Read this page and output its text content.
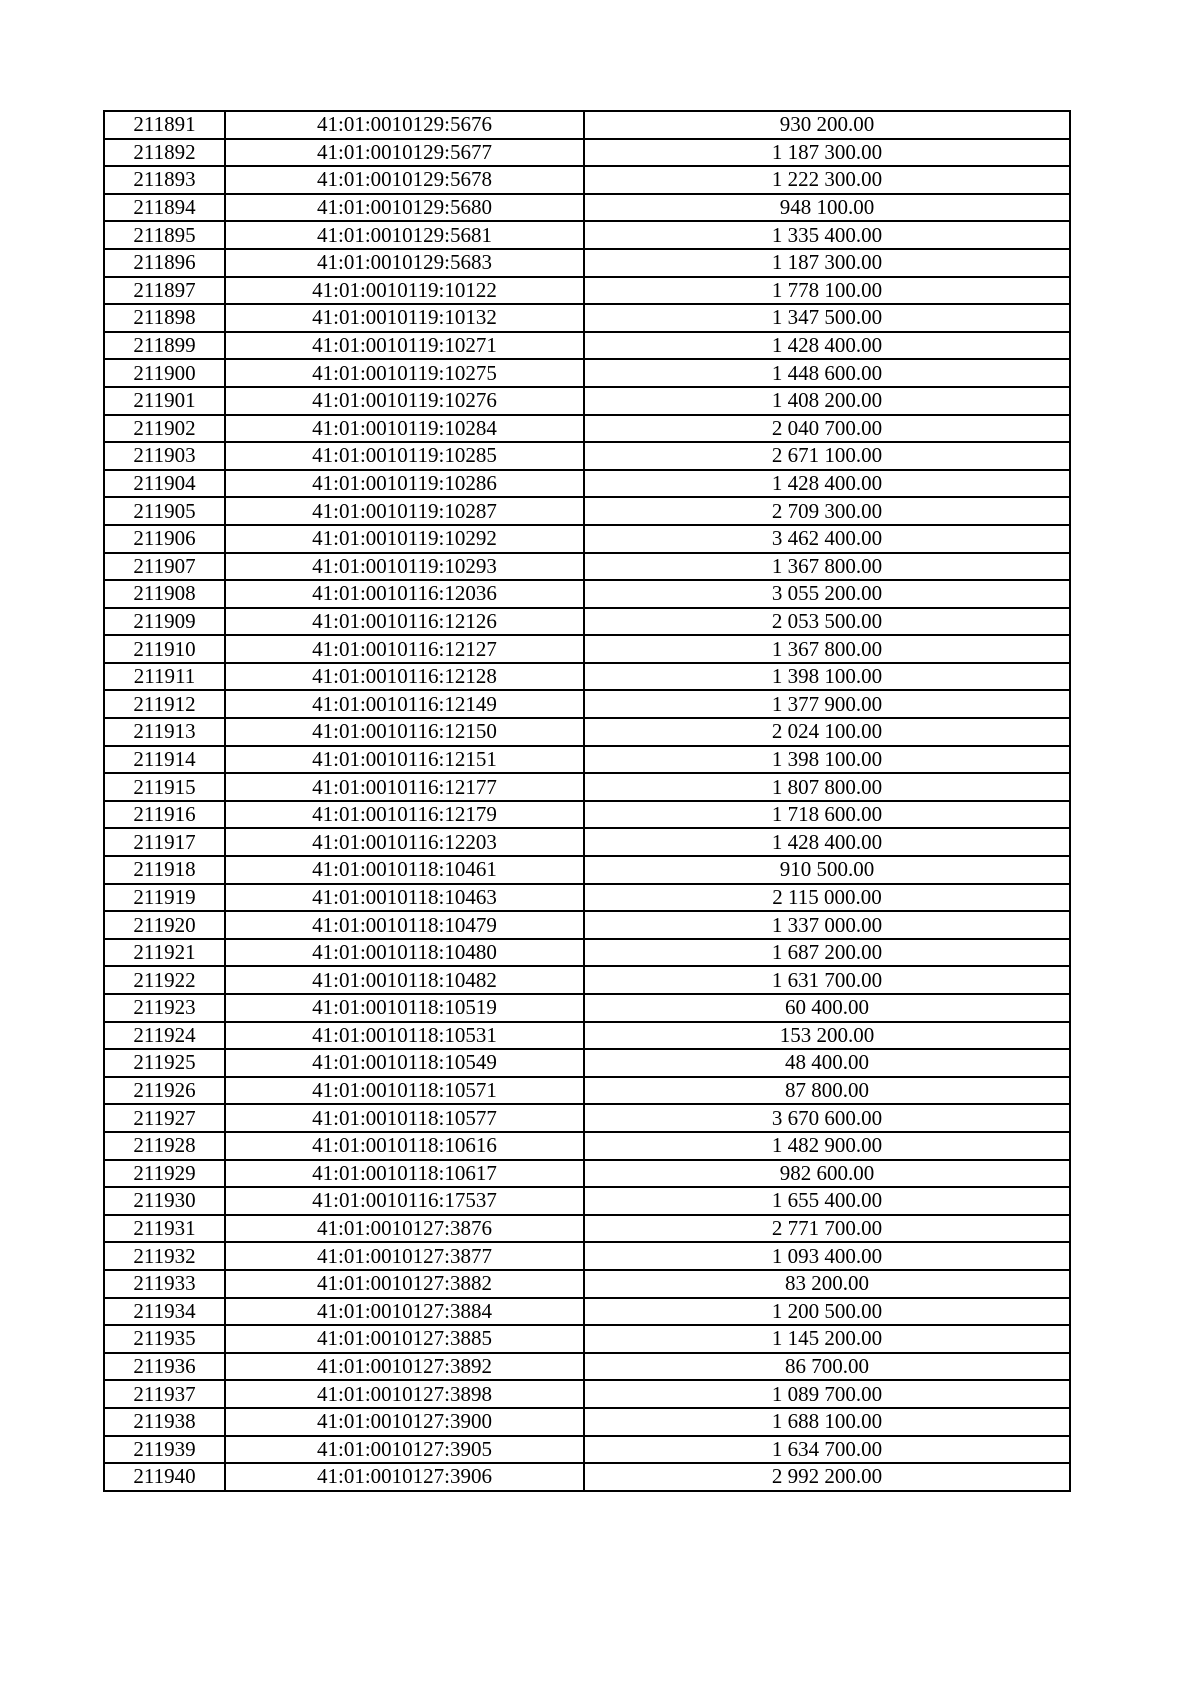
211891	41:01:0010129:5676	930 200.00
211892	41:01:0010129:5677	1 187 300.00
211893	41:01:0010129:5678	1 222 300.00
211894	41:01:0010129:5680	948 100.00
211895	41:01:0010129:5681	1 335 400.00
211896	41:01:0010129:5683	1 187 300.00
211897	41:01:0010119:10122	1 778 100.00
211898	41:01:0010119:10132	1 347 500.00
211899	41:01:0010119:10271	1 428 400.00
211900	41:01:0010119:10275	1 448 600.00
211901	41:01:0010119:10276	1 408 200.00
211902	41:01:0010119:10284	2 040 700.00
211903	41:01:0010119:10285	2 671 100.00
211904	41:01:0010119:10286	1 428 400.00
211905	41:01:0010119:10287	2 709 300.00
211906	41:01:0010119:10292	3 462 400.00
211907	41:01:0010119:10293	1 367 800.00
211908	41:01:0010116:12036	3 055 200.00
211909	41:01:0010116:12126	2 053 500.00
211910	41:01:0010116:12127	1 367 800.00
211911	41:01:0010116:12128	1 398 100.00
211912	41:01:0010116:12149	1 377 900.00
211913	41:01:0010116:12150	2 024 100.00
211914	41:01:0010116:12151	1 398 100.00
211915	41:01:0010116:12177	1 807 800.00
211916	41:01:0010116:12179	1 718 600.00
211917	41:01:0010116:12203	1 428 400.00
211918	41:01:0010118:10461	910 500.00
211919	41:01:0010118:10463	2 115 000.00
211920	41:01:0010118:10479	1 337 000.00
211921	41:01:0010118:10480	1 687 200.00
211922	41:01:0010118:10482	1 631 700.00
211923	41:01:0010118:10519	60 400.00
211924	41:01:0010118:10531	153 200.00
211925	41:01:0010118:10549	48 400.00
211926	41:01:0010118:10571	87 800.00
211927	41:01:0010118:10577	3 670 600.00
211928	41:01:0010118:10616	1 482 900.00
211929	41:01:0010118:10617	982 600.00
211930	41:01:0010116:17537	1 655 400.00
211931	41:01:0010127:3876	2 771 700.00
211932	41:01:0010127:3877	1 093 400.00
211933	41:01:0010127:3882	83 200.00
211934	41:01:0010127:3884	1 200 500.00
211935	41:01:0010127:3885	1 145 200.00
211936	41:01:0010127:3892	86 700.00
211937	41:01:0010127:3898	1 089 700.00
211938	41:01:0010127:3900	1 688 100.00
211939	41:01:0010127:3905	1 634 700.00
211940	41:01:0010127:3906	2 992 200.00
